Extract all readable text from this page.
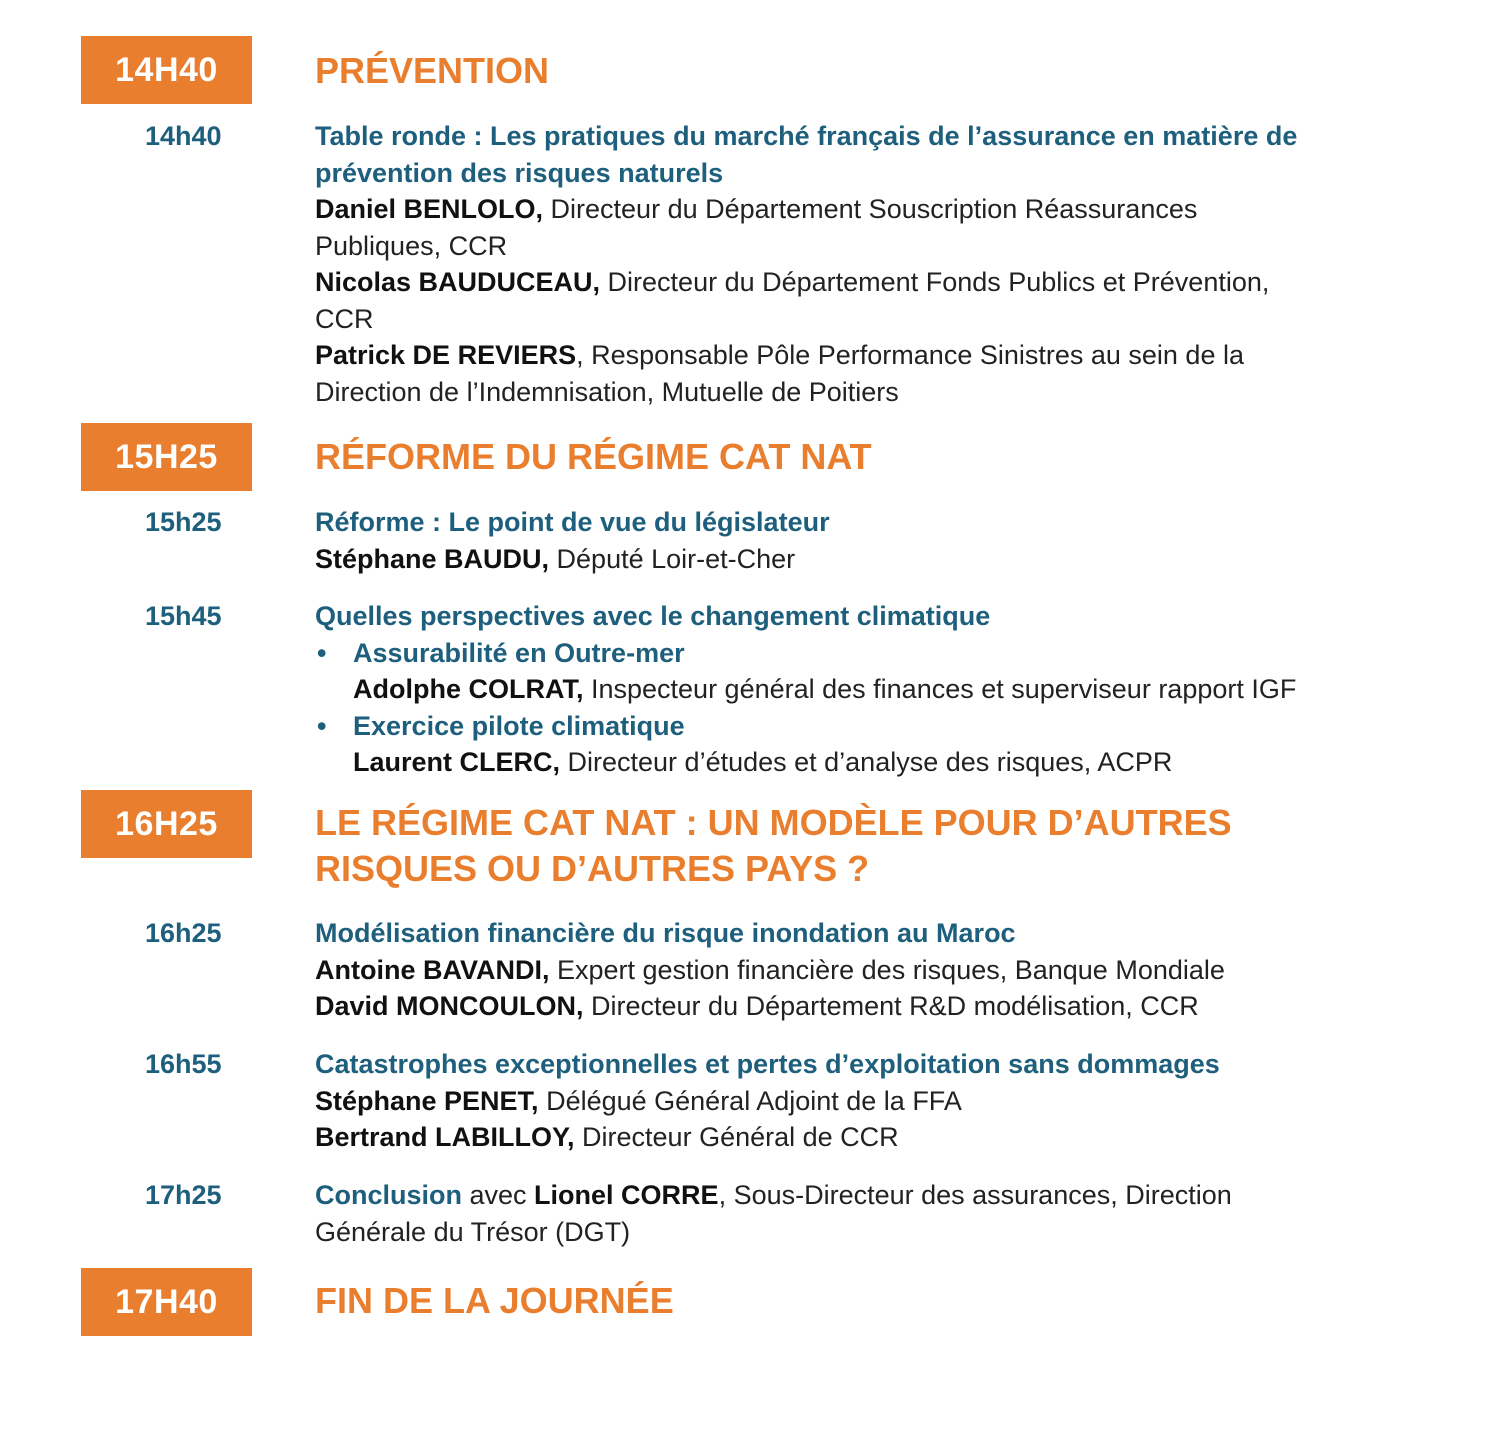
14H40	PRÉVENTION
14h40	Table ronde : Les pratiques du marché français de l’assurance en matière de
prévention des risques naturels
Daniel BENLOLO, Directeur du Département Souscription Réassurances
Publiques, CCR
Nicolas BAUDUCEAU, Directeur du Département Fonds Publics et Prévention,
CCR
Patrick DE REVIERS, Responsable Pôle Performance Sinistres au sein de la
Direction de l’Indemnisation, Mutuelle de Poitiers
15H25	RÉFORME DU RÉGIME CAT NAT
15h25	Réforme : Le point de vue du législateur
Stéphane BAUDU, Député Loir-et-Cher
15h45	Quelles perspectives avec le changement climatique
• Assurabilité en Outre-mer
Adolphe COLRAT, Inspecteur général des finances et superviseur rapport IGF
• Exercice pilote climatique
Laurent CLERC, Directeur d’études et d’analyse des risques, ACPR
16H25	LE RÉGIME CAT NAT : UN MODÈLE POUR D’AUTRES
RISQUES OU D’AUTRES PAYS ?
16h25	Modélisation financière du risque inondation au Maroc
Antoine BAVANDI, Expert gestion financière des risques, Banque Mondiale
David MONCOULON, Directeur du Département R&D modélisation, CCR
16h55	Catastrophes exceptionnelles et pertes d’exploitation sans dommages
Stéphane PENET, Délégué Général Adjoint de la FFA
Bertrand LABILLOY, Directeur Général de CCR
17h25	Conclusion avec Lionel CORRE, Sous-Directeur des assurances, Direction
Générale du Trésor (DGT)
17H40	FIN DE LA JOURNÉE
